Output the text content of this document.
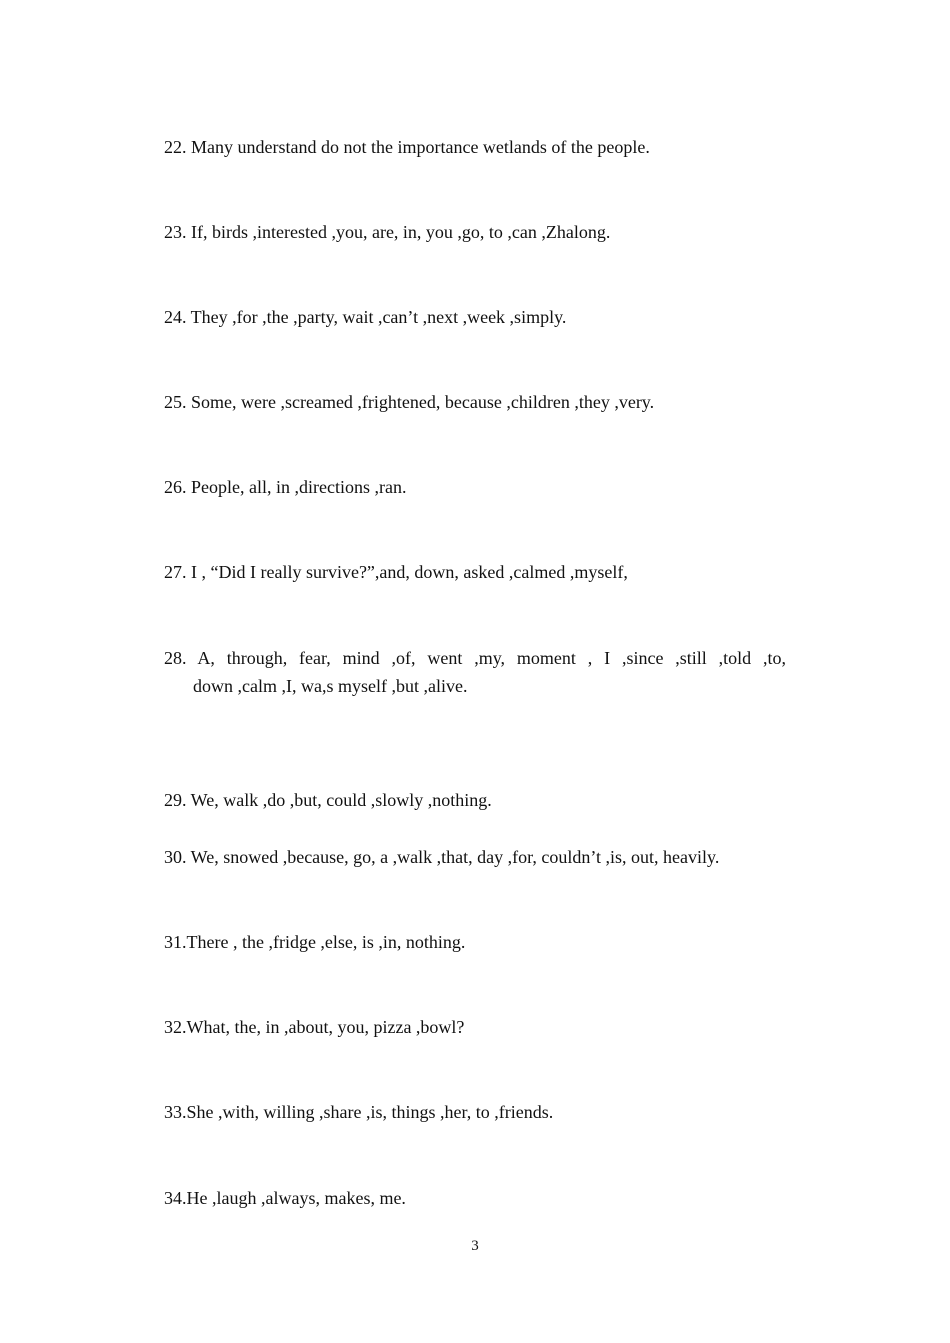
22. Many understand do not the importance wetlands of the people.

23. If, birds ,interested ,you, are, in, you ,go, to ,can ,Zhalong.

24. They ,for ,the ,party, wait ,can’t ,next ,week ,simply.

25. Some, were ,screamed ,frightened, because ,children ,they ,very.

26. People, all, in ,directions ,ran.

27. I , “Did I really survive?”,and, down, asked ,calmed ,myself,

28. A, through, fear, mind ,of, went ,my, moment , I ,since ,still ,told ,to,
down ,calm ,I, wa,s myself ,but ,alive.

29. We, walk ,do ,but, could ,slowly ,nothing.

30. We, snowed ,because, go, a ,walk ,that, day ,for, couldn’t ,is, out, heavily.

31.There , the ,fridge ,else, is ,in, nothing.

32.What, the, in ,about, you, pizza ,bowl?

33.She ,with, willing ,share ,is, things ,her, to ,friends.

34.He ,laugh ,always, makes, me.

3
